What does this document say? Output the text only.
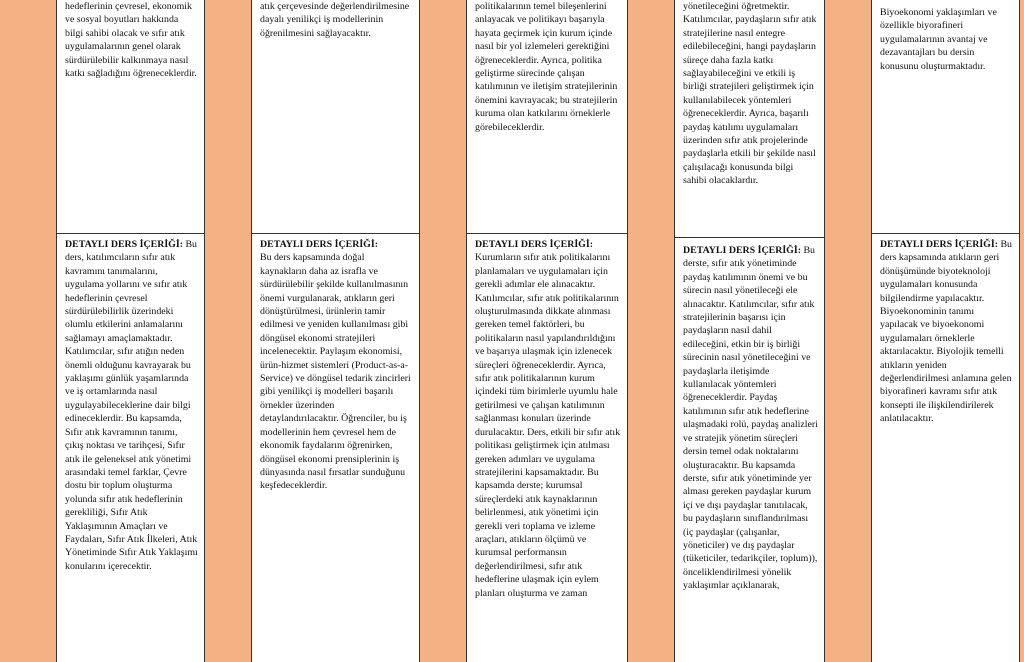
hedeflerinin çevresel, ekonomik ve sosyal boyutları hakkında bilgi sahibi olacak ve sıfır atık uygulamalarının genel olarak sürdürülebilir kalkınmaya nasıl katkı sağladığını öğreneceklerdir.

DETAYLI DERS İÇERİĞİ: Bu ders, katılımcıların sıfır atık kavramını tanımalarını, uygulama yollarını ve sıfır atık hedeflerinin çevresel sürdürülebilirlik üzerindeki olumlu etkilerini anlamalarını sağlamayı amaçlamaktadır. Katılımcılar, sıfır atığın neden önemli olduğunu kavrayarak bu yaklaşımı günlük yaşamlarında ve iş ortamlarında nasıl uygulayabileceklerine dair bilgi edineceklerdir. Bu kapsamda, Sıfır atık kavramının tanımı, çıkış noktası ve tarihçesi, Sıfır atık ile geleneksel atık yönetimi arasındaki temel farklar, Çevre dostu bir toplum oluşturma yolunda sıfır atık hedeflerinin gerekliliği, Sıfır Atık Yaklaşımının Amaçları ve Faydaları, Sıfır Atık İlkeleri, Atık Yönetiminde Sıfır Atık Yaklaşımı konularını içerecektir.

atık çerçevesinde değerlendirilmesine dayalı yenilikçi iş modellerinin öğrenilmesini sağlayacaktır.

DETAYLI DERS İÇERİĞİ:

Bu ders kapsamında doğal kaynakların daha az israfla ve sürdürülebilir şekilde kullanılmasının önemi vurgulanarak, atıkların geri dönüştürülmesi, ürünlerin tamir edilmesi ve yeniden kullanılması gibi döngüsel ekonomi stratejileri incelenecektir. Paylaşım ekonomisi, ürün-hizmet sistemleri (Product-as-a-Service) ve döngüsel tedarik zincirleri gibi yenilikçi iş modelleri başarılı örnekler üzerinden detaylandırılacaktır. Öğrenciler, bu iş modellerinin hem çevresel hem de ekonomik faydalarını öğrenirken, döngüsel ekonomi prensiplerinin iş dünyasında nasıl fırsatlar sunduğunu keşfedeceklerdir.

politikalarının temel bileşenlerini anlayacak ve politikayı başarıyla hayata geçirmek için kurum içinde nasıl bir yol izlemeleri gerektiğini öğreneceklerdir. Ayrıca, politika geliştirme sürecinde çalışan katılımının ve iletişim stratejilerinin önemini kavrayacak; bu stratejilerin kuruma olan katkılarını örneklerle görebileceklerdir.

DETAYLI DERS İÇERİĞİ:

Kurumların sıfır atık politikalarını planlamaları ve uygulamaları için gerekli adımlar ele alınacaktır. Katılımcılar, sıfır atık politikalarının oluşturulmasında dikkate alınması gereken temel faktörleri, bu politikaların nasıl yapılandırıldığını ve başarıya ulaşmak için izlenecek süreçleri öğreneceklerdir. Ayrıca, sıfır atık politikalarının kurum içindeki tüm birimlerle uyumlu hale getirilmesi ve çalışan katılımının sağlanması konuları üzerinde durulacaktır. Ders, etkili bir sıfır atık politikası geliştirmek için atılması gereken adımları ve uygulama stratejilerini kapsamaktadır. Bu kapsamda derste; kurumsal süreçlerdeki atık kaynaklarının belirlenmesi, atık yönetimi için gerekli veri toplama ve izleme araçları, atıkların ölçümü ve kurumsal performansın değerlendirilmesi, sıfır atık hedeflerine ulaşmak için eylem planları oluşturma ve zaman

yönetileceğini öğretmektir. Katılımcılar, paydaşların sıfır atık stratejilerine nasıl entegre edilebileceğini, hangi paydaşların süreçe daha fazla katkı sağlayabileceğini ve etkili iş birliği stratejileri geliştirmek için kullanılabilecek yöntemleri öğreneceklerdir. Ayrıca, başarılı paydaş katılımı uygulamaları üzerinden sıfır atık projelerinde paydaşlarla etkili bir şekilde nasıl çalışılacağı konusunda bilgi sahibi olacaklardır.

DETAYLI DERS İÇERİĞİ: Bu derste, sıfır atık yönetiminde paydaş katılımının önemi ve bu sürecin nasıl yönetileceği ele alınacaktır. Katılımcılar, sıfır atık stratejilerinin başarısı için paydaşların nasıl dahil edileceğini, etkin bir iş birliği sürecinin nasıl yönetileceğini ve paydaşlarla iletişimde kullanılacak yöntemleri öğreneceklerdir. Paydaş katılımının sıfır atık hedeflerine ulaşmadaki rolü, paydaş analizleri ve stratejik yönetim süreçleri dersin temel odak noktalarını oluşturacaktır. Bu kapsamda derste, sıfır atık yönetiminde yer alması gereken paydaşlar kurum içi ve dışı paydaşlar tanıtılacak, bu paydaşların sınıflandırılması (iç paydaşlar (çalışanlar, yöneticiler) ve dış paydaşlar (tüketiciler, tedarikçiler, toplum)), önceliklendirilmesi yönelik yaklaşımlar açıklanarak,

Biyoekonomi yaklaşımları ve özellikle biyorafineri uygulamalarının avantaj ve dezavantajları bu dersin konusunu oluşturmaktadır.

DETAYLI DERS İÇERİĞİ: Bu ders kapsamında atıkların geri dönüşümünde biyoteknoloji uygulamaları konusunda bilgilendirme yapılacaktır. Biyoekonominin tanımı yapılacak ve biyoekonomi uygulamaları örneklerle aktarılacaktır. Biyolojik temelli atıkların yeniden değerlendirilmesi anlamına gelen biyorafineri kavramı sıfır atık konsepti ile ilişkilendirilerek anlatılacaktır.
